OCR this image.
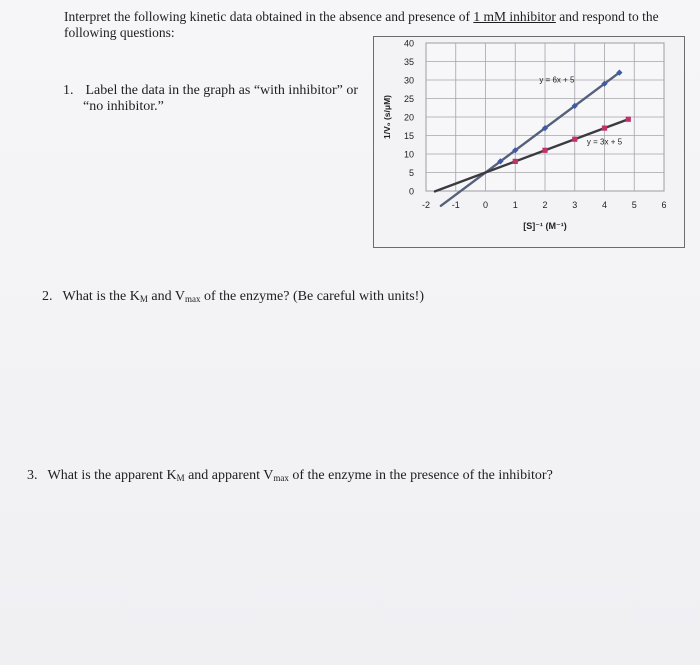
Interpret the following kinetic data obtained in the absence and presence of 1 mM inhibitor and respond to the following questions:
1. Label the data in the graph as “with inhibitor” or
“no inhibitor.”
2. What is the $K_M$ and $V_{max}$ of the enzyme? (Be careful with units!)
3. What is the apparent $K_M$ and apparent $V_{max}$ of the enzyme in the presence of the inhibitor?
0
5
10
15
20
25
30
35
40
-2 -1	0	1	2	3	4	5	6
1/V₀ (s/μM)
[S]⁻¹ (M⁻¹)
y = 6x + 5
y = 3x + 5
